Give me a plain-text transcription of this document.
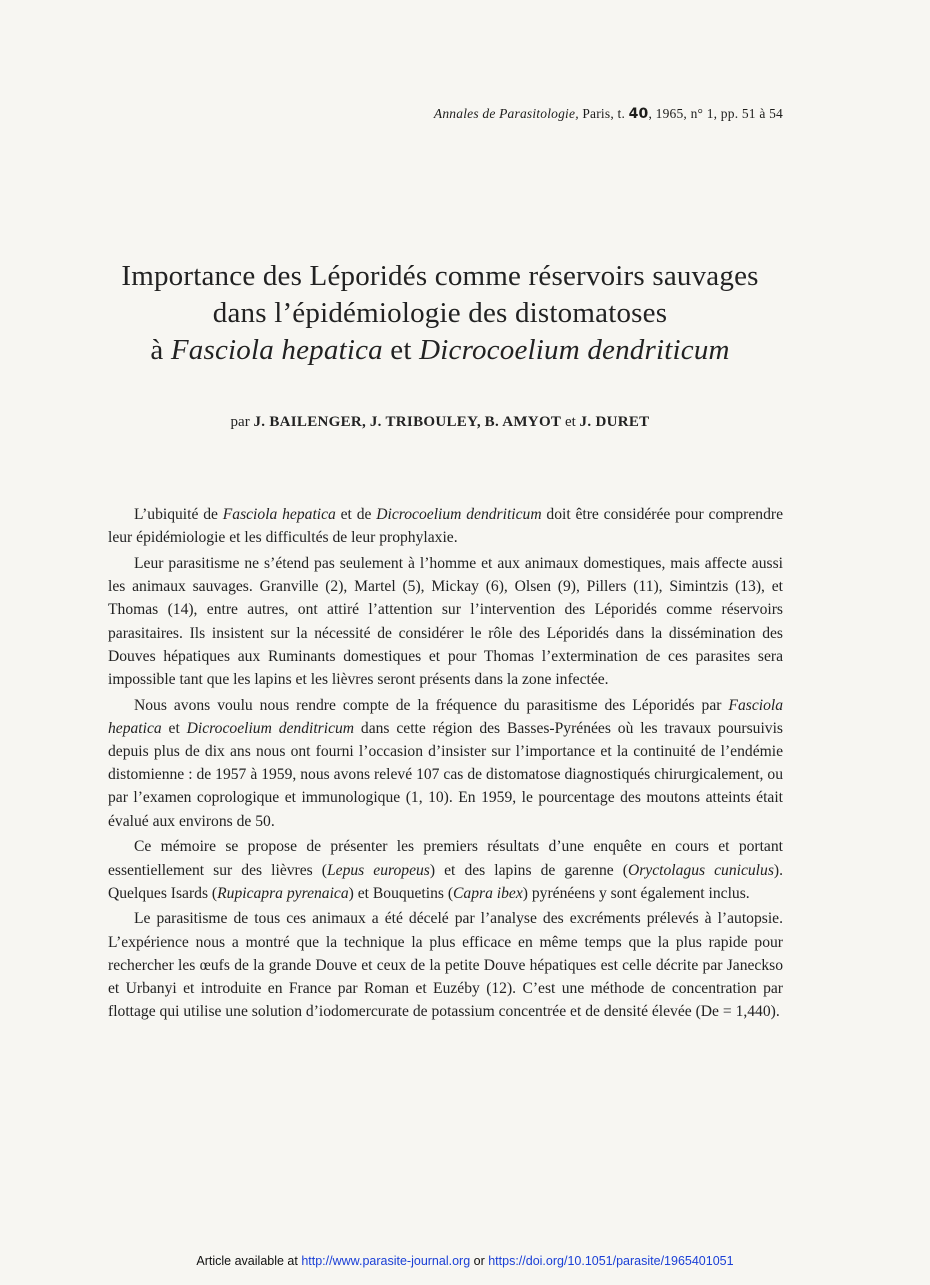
Annales de Parasitologie, Paris, t. 40, 1965, n° 1, pp. 51 à 54
Importance des Léporidés comme réservoirs sauvages
dans l’épidémiologie des distomatoses
à Fasciola hepatica et Dicrocoelium dendriticum
par J. BAILENGER, J. TRIBOULEY, B. AMYOT et J. DURET

L’ubiquité de Fasciola hepatica et de Dicrocoelium dendriticum doit être considérée pour comprendre leur épidémiologie et les difficultés de leur prophylaxie.

Leur parasitisme ne s’étend pas seulement à l’homme et aux animaux domestiques, mais affecte aussi les animaux sauvages. Granville (2), Martel (5), Mickay (6), Olsen (9), Pillers (11), Simintzis (13), et Thomas (14), entre autres, ont attiré l’attention sur l’intervention des Léporidés comme réservoirs parasitaires. Ils insistent sur la nécessité de considérer le rôle des Léporidés dans la dissémination des Douves hépatiques aux Ruminants domestiques et pour Thomas l’extermination de ces parasites sera impossible tant que les lapins et les lièvres seront présents dans la zone infectée.

Nous avons voulu nous rendre compte de la fréquence du parasitisme des Léporidés par Fasciola hepatica et Dicrocoelium denditricum dans cette région des Basses-Pyrénées où les travaux poursuivis depuis plus de dix ans nous ont fourni l’occasion d’insister sur l’importance et la continuité de l’endémie distomienne : de 1957 à 1959, nous avons relevé 107 cas de distomatose diagnostiqués chirurgicalement, ou par l’examen coprologique et immunologique (1, 10). En 1959, le pourcentage des moutons atteints était évalué aux environs de 50.

Ce mémoire se propose de présenter les premiers résultats d’une enquête en cours et portant essentiellement sur des lièvres (Lepus europeus) et des lapins de garenne (Oryctolagus cuniculus). Quelques Isards (Rupicapra pyrenaica) et Bouquetins (Capra ibex) pyrénéens y sont également inclus.

Le parasitisme de tous ces animaux a été décelé par l’analyse des excréments prélevés à l’autopsie. L’expérience nous a montré que la technique la plus efficace en même temps que la plus rapide pour rechercher les œufs de la grande Douve et ceux de la petite Douve hépatiques est celle décrite par Janeckso et Urbanyi et introduite en France par Roman et Euzéby (12). C’est une méthode de concentration par flottage qui utilise une solution d’iodomercurate de potassium concentrée et de densité élevée (De = 1,440).

Article available at http://www.parasite-journal.org or https://doi.org/10.1051/parasite/1965401051
